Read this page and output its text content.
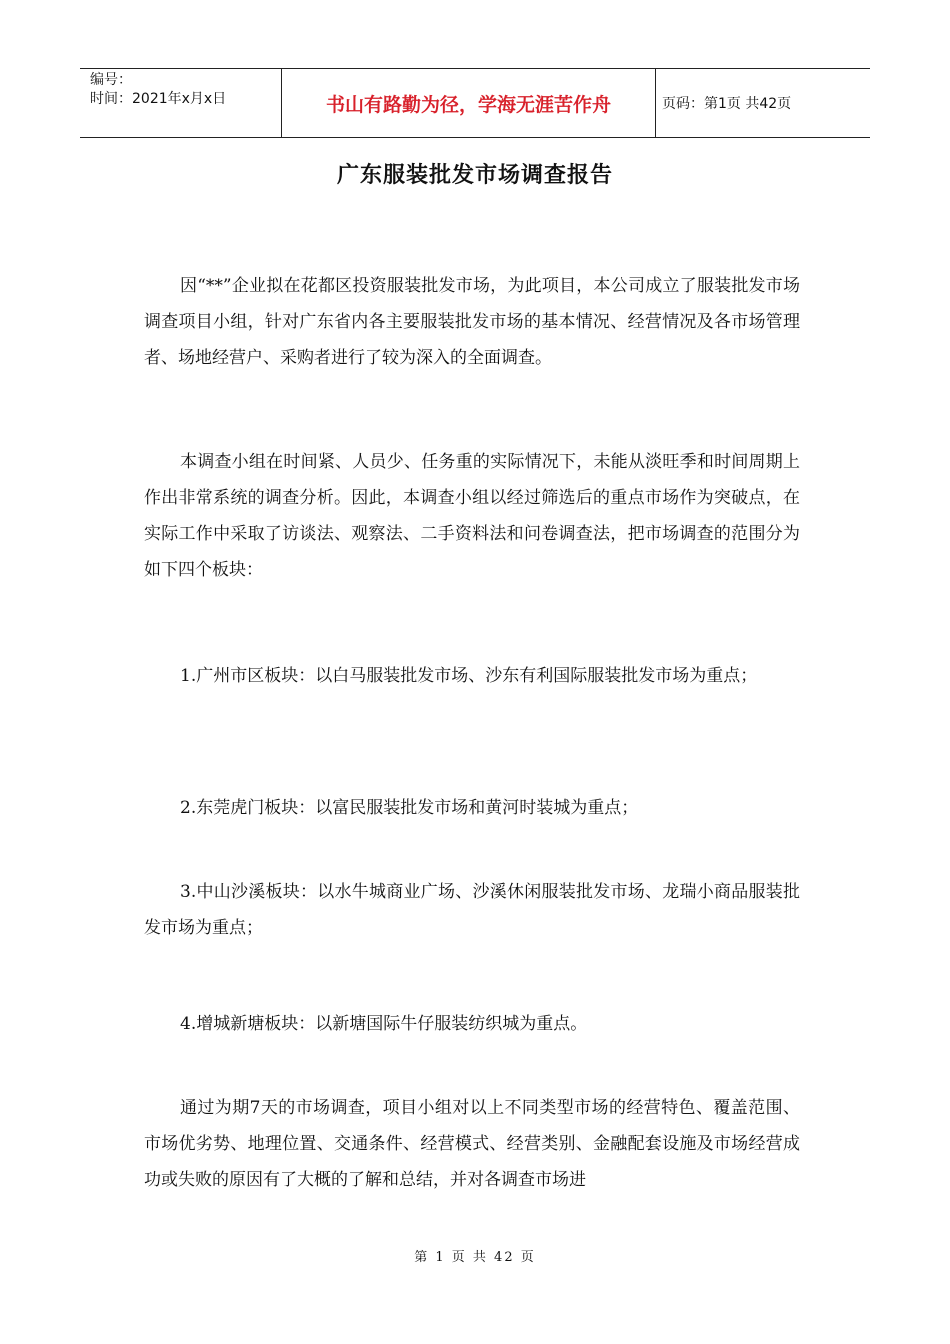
编号：
时间：2021年x月x日	书山有路勤为径，学海无涯苦作舟	页码：第1页 共42页
广东服装批发市场调查报告
因“**”企业拟在花都区投资服装批发市场，为此项目，本公司成立了服装批发市场调查项目小组，针对广东省内各主要服装批发市场的基本情况、经营情况及各市场管理者、场地经营户、采购者进行了较为深入的全面调查。
本调查小组在时间紧、人员少、任务重的实际情况下，未能从淡旺季和时间周期上作出非常系统的调查分析。因此，本调查小组以经过筛选后的重点市场作为突破点，在实际工作中采取了访谈法、观察法、二手资料法和问卷调查法，把市场调查的范围分为如下四个板块：
1.广州市区板块：以白马服装批发市场、沙东有利国际服装批发市场为重点；
2.东莞虎门板块：以富民服装批发市场和黄河时装城为重点；
3.中山沙溪板块：以水牛城商业广场、沙溪休闲服装批发市场、龙瑞小商品服装批发市场为重点；
4.增城新塘板块：以新塘国际牛仔服装纺织城为重点。
通过为期7天的市场调查，项目小组对以上不同类型市场的经营特色、覆盖范围、市场优劣势、地理位置、交通条件、经营模式、经营类别、金融配套设施及市场经营成功或失败的原因有了大概的了解和总结，并对各调查市场进
第 1 页 共 42 页
